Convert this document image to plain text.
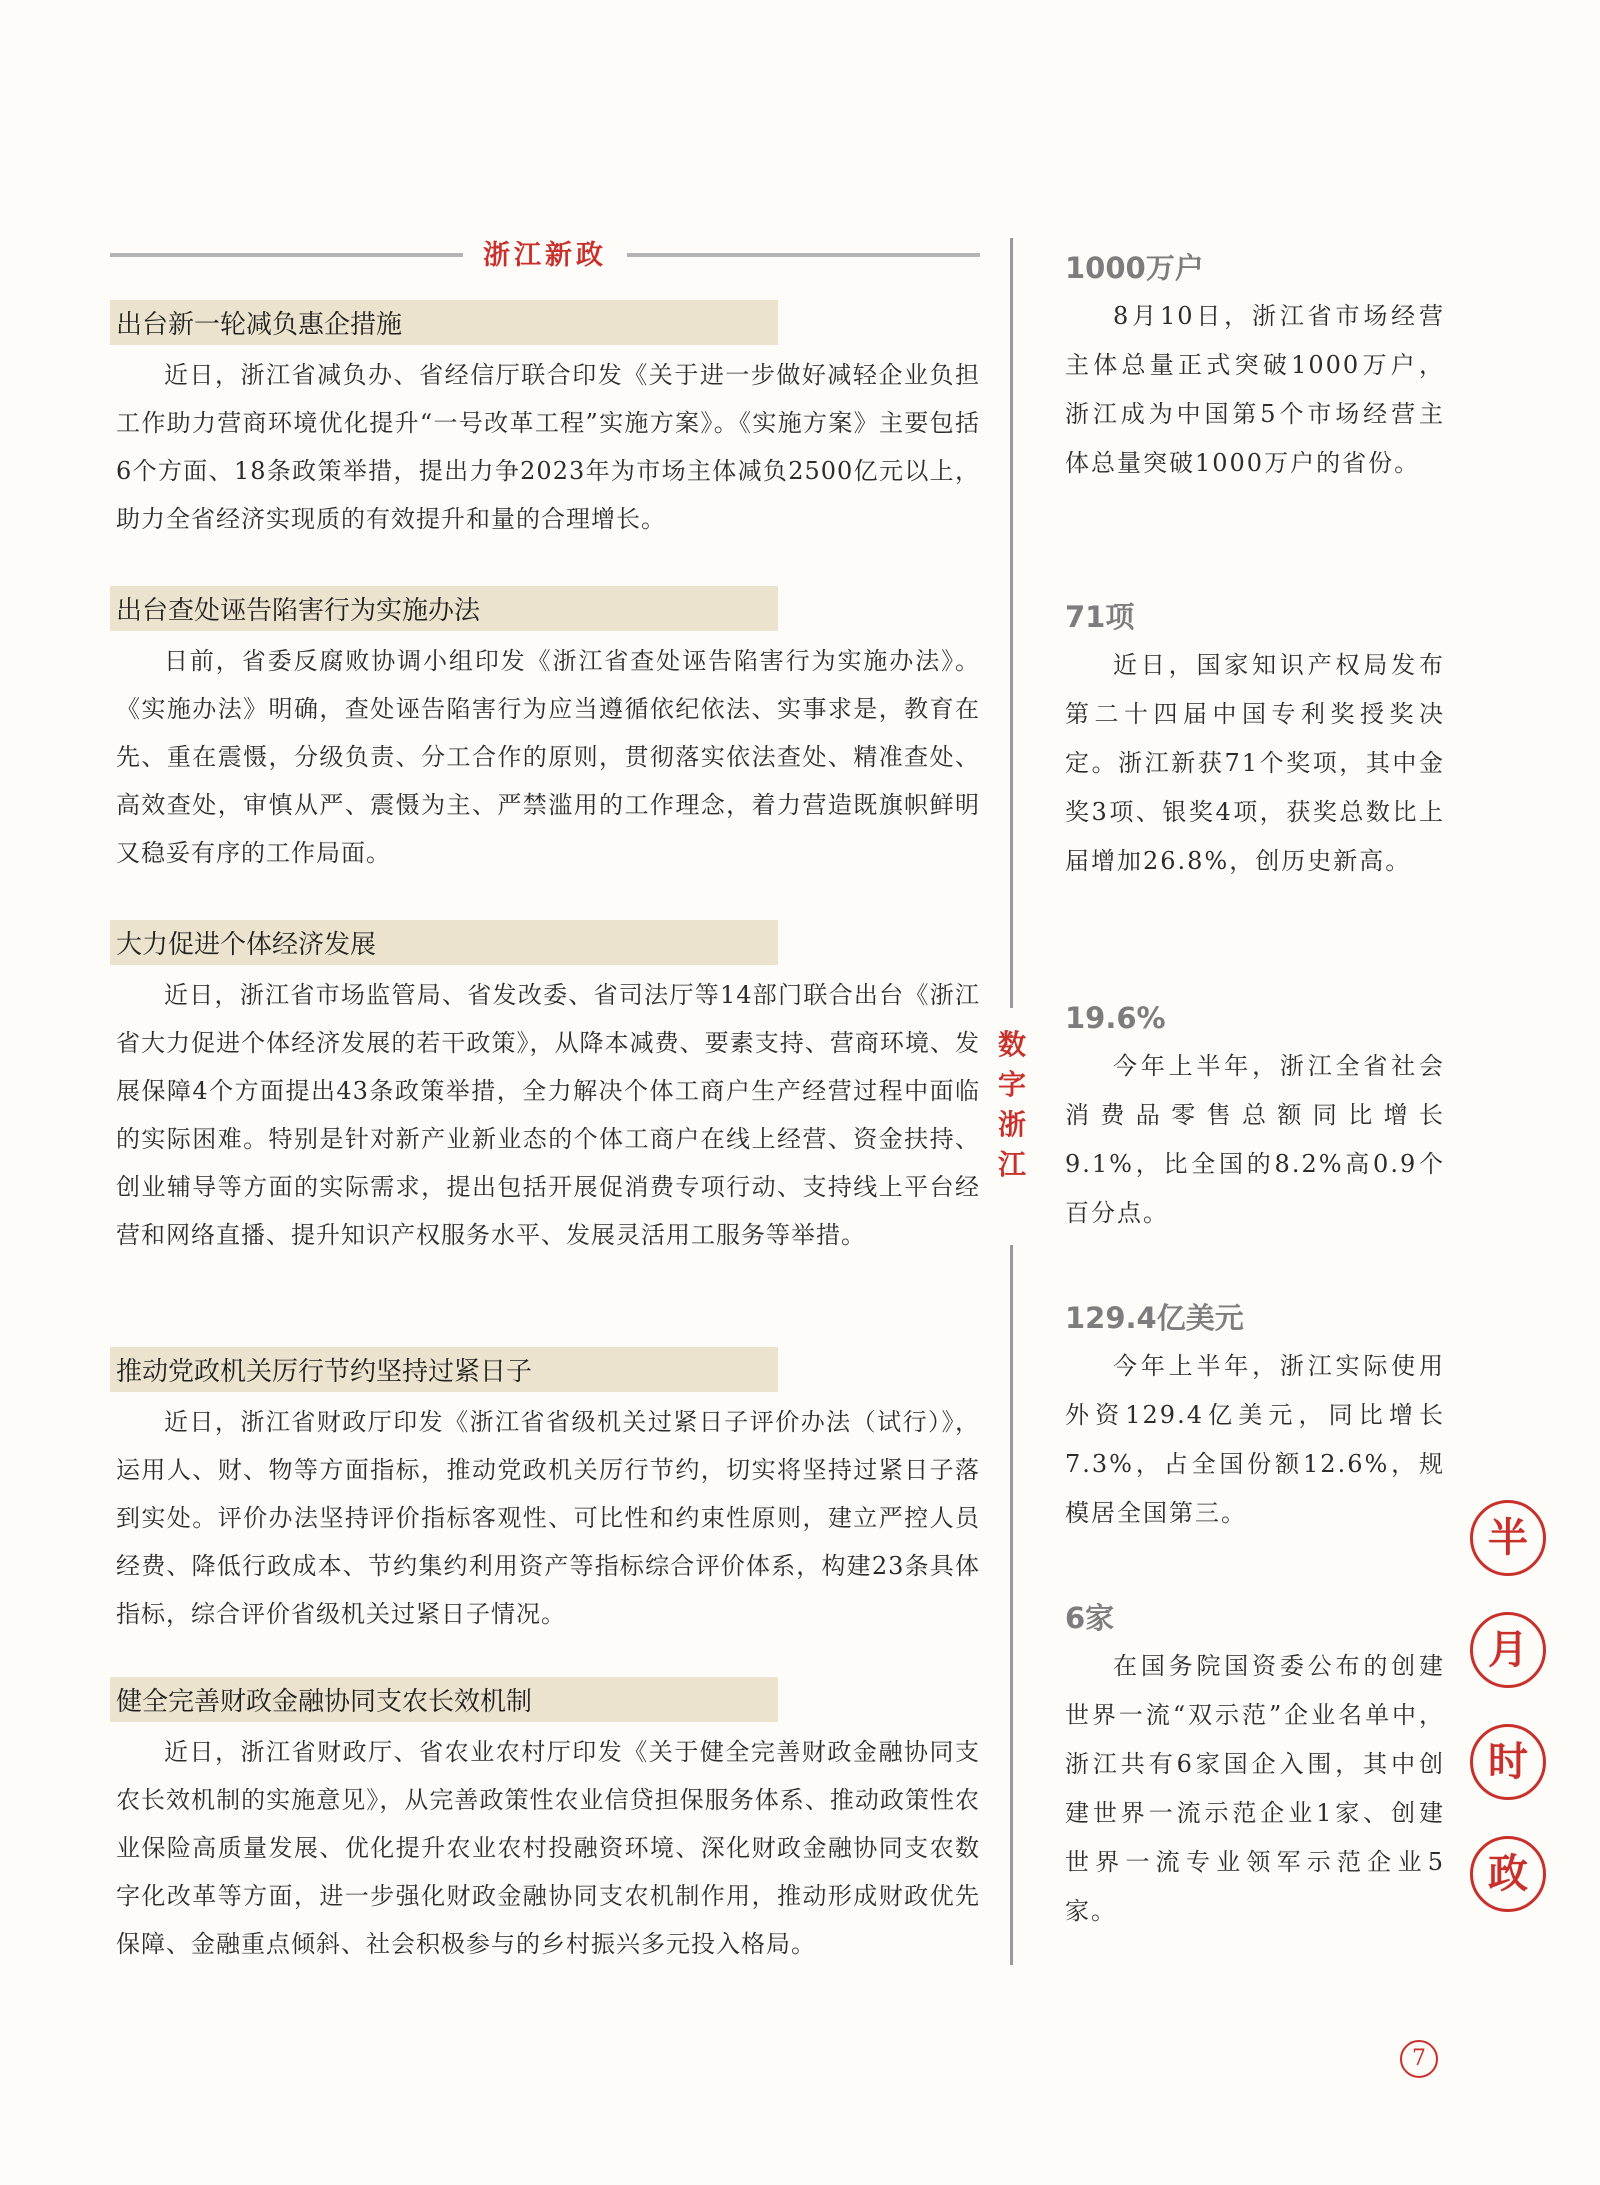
浙江新政
出台新一轮减负惠企措施
近日，浙江省减负办、省经信厅联合印发《关于进一步做好减轻企业负担工作助力营商环境优化提升“一号改革工程”实施方案》。《实施方案》主要包括6个方面、18条政策举措，提出力争2023年为市场主体减负2500亿元以上，助力全省经济实现质的有效提升和量的合理增长。
出台查处诬告陷害行为实施办法
日前，省委反腐败协调小组印发《浙江省查处诬告陷害行为实施办法》。《实施办法》明确，查处诬告陷害行为应当遵循依纪依法、实事求是，教育在先、重在震慑，分级负责、分工合作的原则，贯彻落实依法查处、精准查处、高效查处，审慎从严、震慑为主、严禁滥用的工作理念，着力营造既旗帜鲜明又稳妥有序的工作局面。
大力促进个体经济发展
近日，浙江省市场监管局、省发改委、省司法厅等14部门联合出台《浙江省大力促进个体经济发展的若干政策》，从降本减费、要素支持、营商环境、发展保障4个方面提出43条政策举措，全力解决个体工商户生产经营过程中面临的实际困难。特别是针对新产业新业态的个体工商户在线上经营、资金扶持、创业辅导等方面的实际需求，提出包括开展促消费专项行动、支持线上平台经营和网络直播、提升知识产权服务水平、发展灵活用工服务等举措。
推动党政机关厉行节约坚持过紧日子
近日，浙江省财政厅印发《浙江省省级机关过紧日子评价办法（试行）》，运用人、财、物等方面指标，推动党政机关厉行节约，切实将坚持过紧日子落到实处。评价办法坚持评价指标客观性、可比性和约束性原则，建立严控人员经费、降低行政成本、节约集约利用资产等指标综合评价体系，构建23条具体指标，综合评价省级机关过紧日子情况。
健全完善财政金融协同支农长效机制
近日，浙江省财政厅、省农业农村厅印发《关于健全完善财政金融协同支农长效机制的实施意见》，从完善政策性农业信贷担保服务体系、推动政策性农业保险高质量发展、优化提升农业农村投融资环境、深化财政金融协同支农数字化改革等方面，进一步强化财政金融协同支农机制作用，推动形成财政优先保障、金融重点倾斜、社会积极参与的乡村振兴多元投入格局。
数字浙江
1000万户
8月10日，浙江省市场经营主体总量正式突破1000万户，浙江成为中国第5个市场经营主体总量突破1000万户的省份。
71项
近日，国家知识产权局发布第二十四届中国专利奖授奖决定。浙江新获71个奖项，其中金奖3项、银奖4项，获奖总数比上届增加26.8%，创历史新高。
19.6%
今年上半年，浙江全省社会消费品零售总额同比增长9.1%，比全国的8.2%高0.9个百分点。
129.4亿美元
今年上半年，浙江实际使用外资129.4亿美元，同比增长7.3%，占全国份额12.6%，规模居全国第三。
6家
在国务院国资委公布的创建世界一流“双示范”企业名单中，浙江共有6家国企入围，其中创建世界一流示范企业1家、创建世界一流专业领军示范企业5家。
半
月
时
政
7
